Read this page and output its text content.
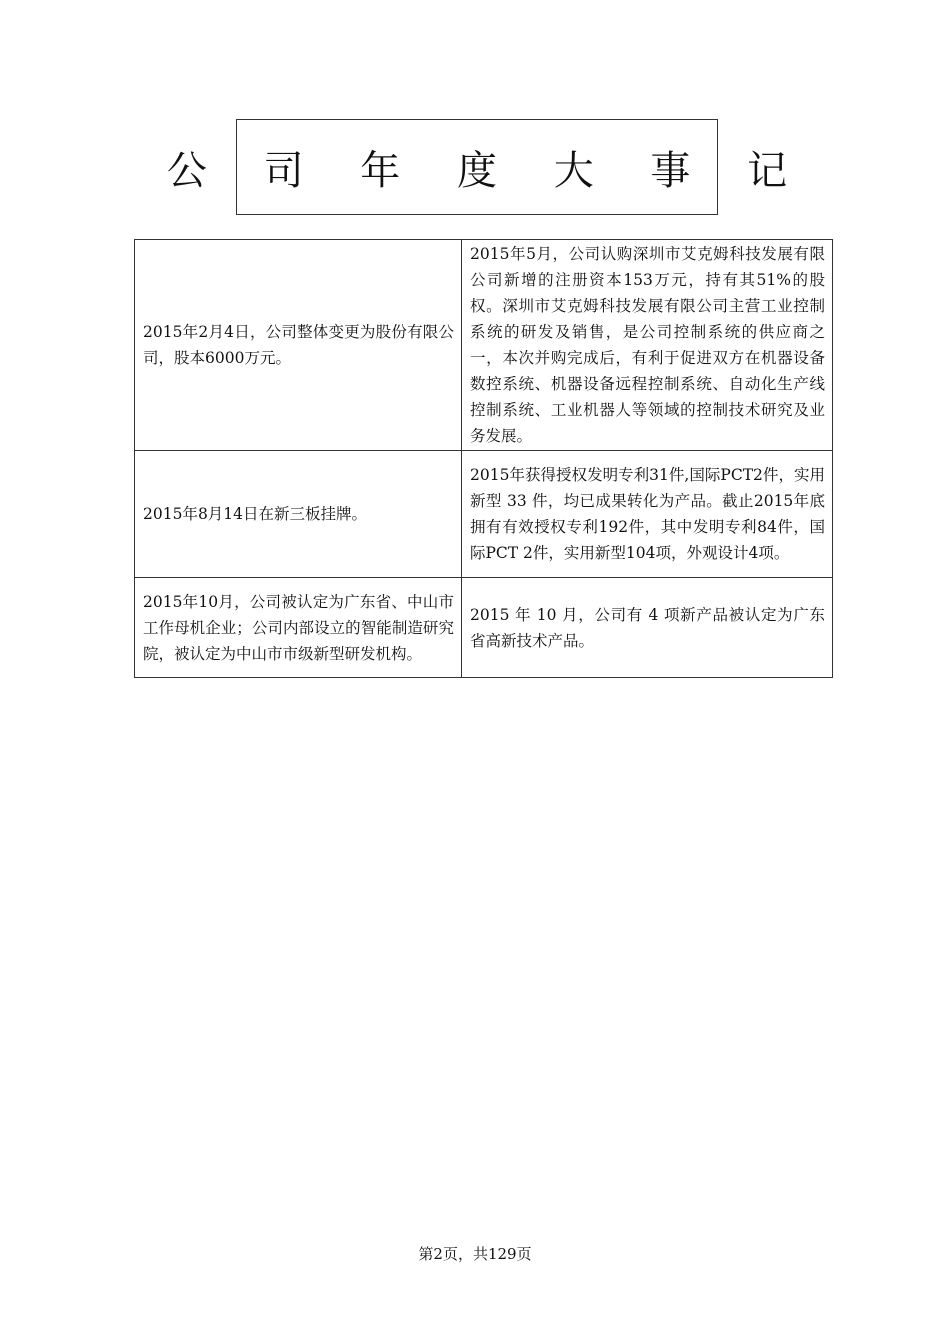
公 司 年 度 大 事 记
2015年2月4日，公司整体变更为股份有限公司，股本6000万元。	2015年5月，公司认购深圳市艾克姆科技发展有限公司新增的注册资本153万元，持有其51%的股权。深圳市艾克姆科技发展有限公司主营工业控制系统的研发及销售，是公司控制系统的供应商之一，本次并购完成后，有利于促进双方在机器设备数控系统、机器设备远程控制系统、自动化生产线控制系统、工业机器人等领域的控制技术研究及业务发展。
2015年8月14日在新三板挂牌。	2015年获得授权发明专利31件,国际PCT2件，实用新型 33 件，均已成果转化为产品。截止2015年底拥有有效授权专利192件，其中发明专利84件，国际PCT 2件，实用新型104项，外观设计4项。
2015年10月，公司被认定为广东省、中山市工作母机企业；公司内部设立的智能制造研究院，被认定为中山市市级新型研发机构。	2015 年 10 月，公司有 4 项新产品被认定为广东省高新技术产品。
第2页，共129页
